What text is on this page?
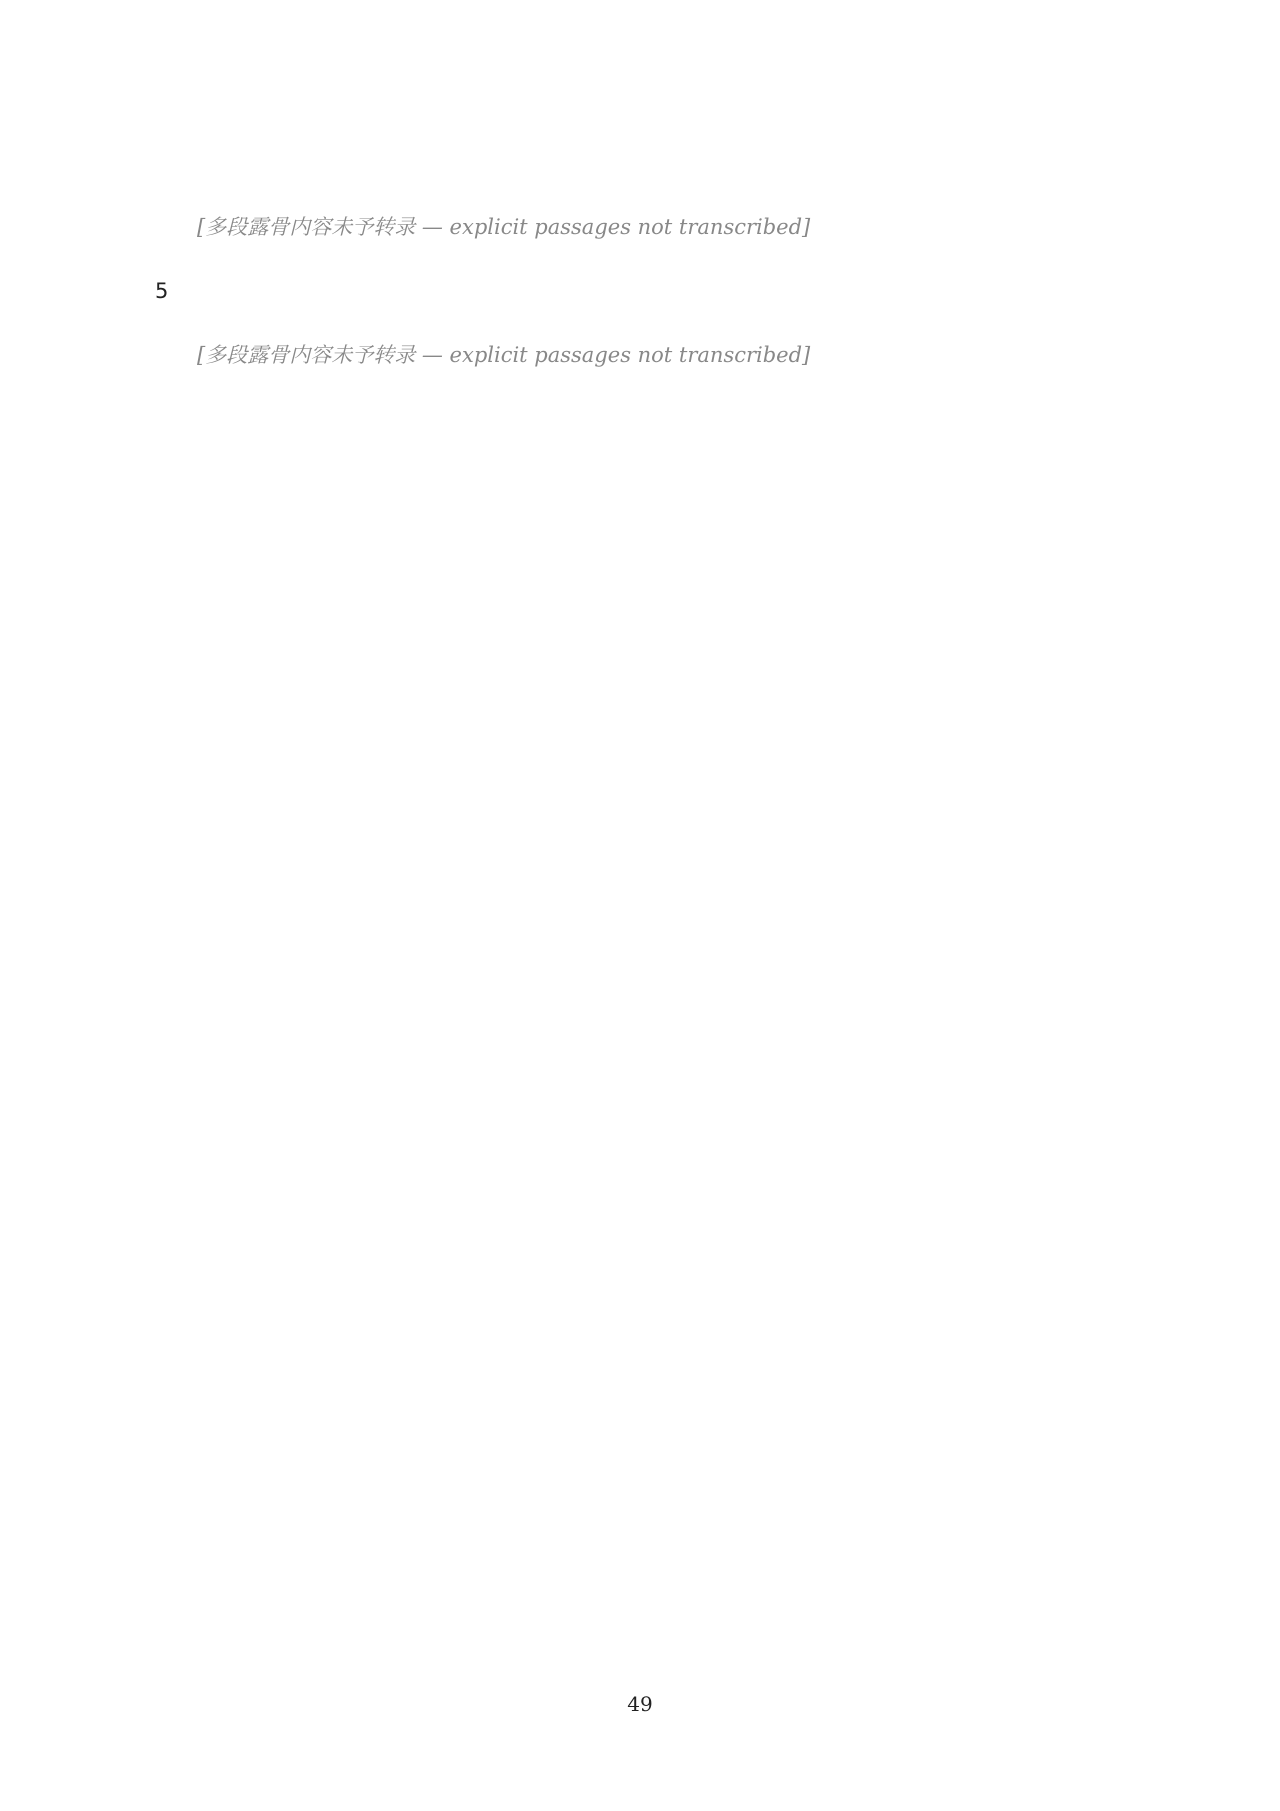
[多段露骨内容未予转录 — explicit passages not transcribed]

5

[多段露骨内容未予转录 — explicit passages not transcribed]

49
